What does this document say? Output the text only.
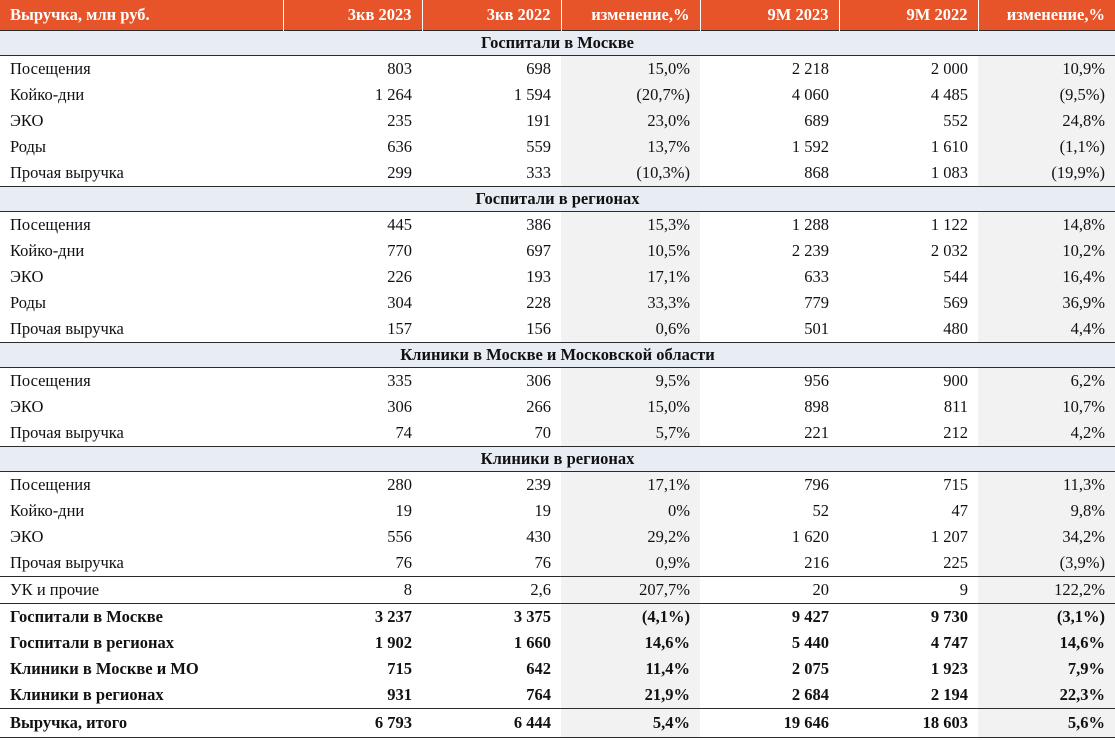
Выручка, млн руб.	3кв 2023	3кв 2022	изменение,%	9M 2023	9M 2022	изменение,%
Госпитали в Москве						
Посещения	803	698	15,0%	2 218	2 000	10,9%
Койко-дни	1 264	1 594	(20,7%)	4 060	4 485	(9,5%)
ЭКО	235	191	23,0%	689	552	24,8%
Роды	636	559	13,7%	1 592	1 610	(1,1%)
Прочая выручка	299	333	(10,3%)	868	1 083	(19,9%)
Госпитали в регионах						
Посещения	445	386	15,3%	1 288	1 122	14,8%
Койко-дни	770	697	10,5%	2 239	2 032	10,2%
ЭКО	226	193	17,1%	633	544	16,4%
Роды	304	228	33,3%	779	569	36,9%
Прочая выручка	157	156	0,6%	501	480	4,4%
Клиники в Москве и Московской области						
Посещения	335	306	9,5%	956	900	6,2%
ЭКО	306	266	15,0%	898	811	10,7%
Прочая выручка	74	70	5,7%	221	212	4,2%
Клиники в регионах						
Посещения	280	239	17,1%	796	715	11,3%
Койко-дни	19	19	0%	52	47	9,8%
ЭКО	556	430	29,2%	1 620	1 207	34,2%
Прочая выручка	76	76	0,9%	216	225	(3,9%)
УК и прочие	8	2,6	207,7%	20	9	122,2%
Госпитали в Москве	3 237	3 375	(4,1%)	9 427	9 730	(3,1%)
Госпитали в регионах	1 902	1 660	14,6%	5 440	4 747	14,6%
Клиники в Москве и МО	715	642	11,4%	2 075	1 923	7,9%
Клиники в регионах	931	764	21,9%	2 684	2 194	22,3%
Выручка, итого	6 793	6 444	5,4%	19 646	18 603	5,6%
